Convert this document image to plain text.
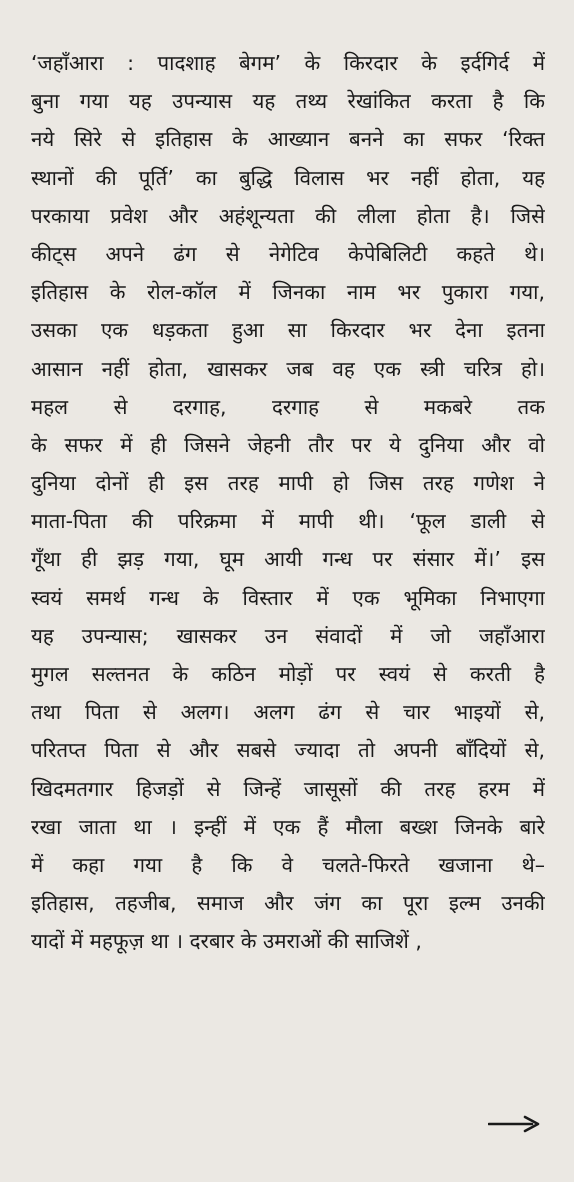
‘जहाँआरा : पादशाह बेगम’ के किरदार के इर्दगिर्द में
बुना गया यह उपन्यास यह तथ्य रेखांकित करता है कि
नये सिरे से इतिहास के आख्यान बनने का सफर ‘रिक्त
स्थानों की पूर्ति’ का बुद्धि विलास भर नहीं होता, यह
परकाया प्रवेश और अहंशून्यता की लीला होता है। जिसे
कीट्स अपने ढंग से नेगेटिव केपेबिलिटी कहते थे।
इतिहास के रोल-कॉल में जिनका नाम भर पुकारा गया,
उसका एक धड़कता हुआ सा किरदार भर देना इतना
आसान नहीं होता, खासकर जब वह एक स्त्री चरित्र हो।
महल से दरगाह, दरगाह से मकबरे तक
के सफर में ही जिसने जेहनी तौर पर ये दुनिया और वो
दुनिया दोनों ही इस तरह मापी हो जिस तरह गणेश ने
माता-पिता की परिक्रमा में मापी थी। ‘फूल डाली से
गूँथा ही झड़ गया, घूम आयी गन्ध पर संसार में।’ इस
स्वयं समर्थ गन्ध के विस्तार में एक भूमिका निभाएगा
यह उपन्यास; खासकर उन संवादों में जो जहाँआरा
मुगल सल्तनत के कठिन मोड़ों पर स्वयं से करती है
तथा पिता से अलग। अलग ढंग से चार भाइयों से,
परितप्त पिता से और सबसे ज्यादा तो अपनी बाँदियों से,
खिदमतगार हिजड़ों से जिन्हें जासूसों की तरह हरम में
रखा जाता था । इन्हीं में एक हैं मौला बख्श जिनके बारे
में कहा गया है कि वे चलते-फिरते खजाना थे–
इतिहास, तहजीब, समाज और जंग का पूरा इल्म उनकी
यादों में महफूज़ था । दरबार के उमराओं की साजिशें ,
